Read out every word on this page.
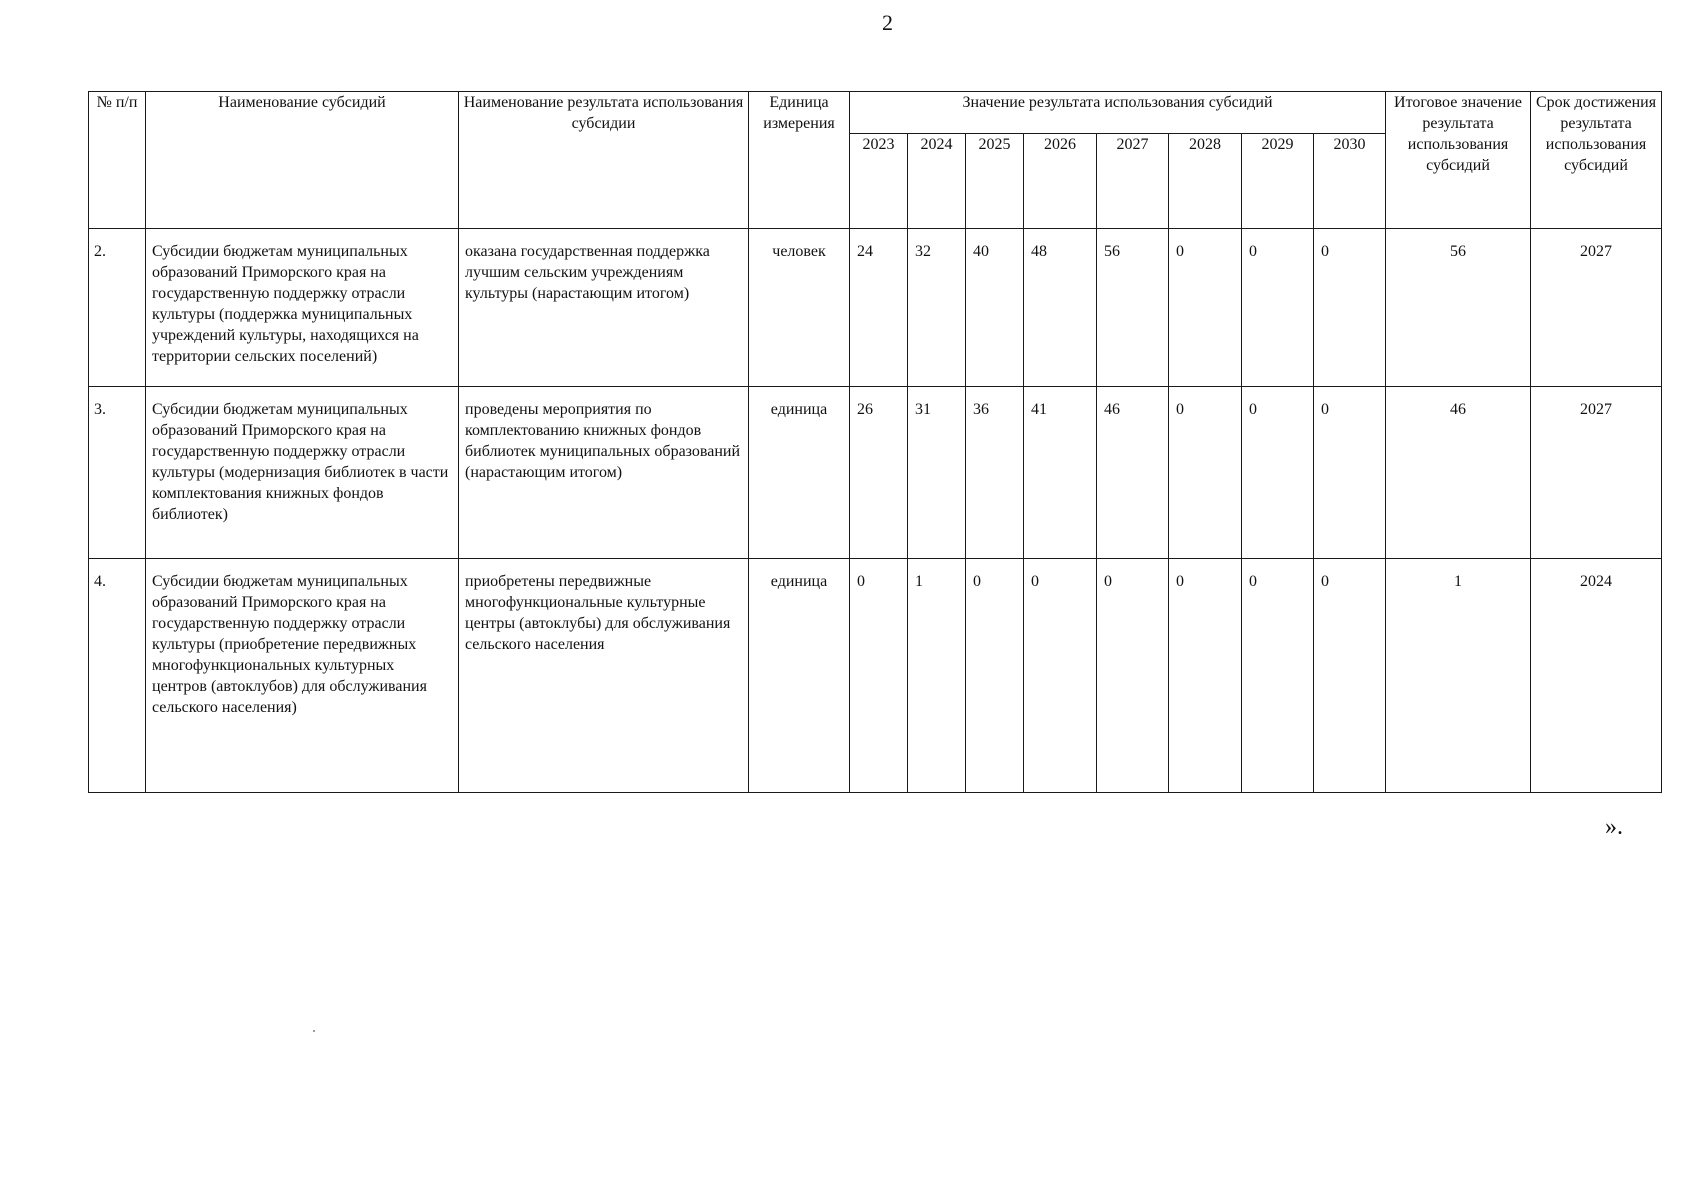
2
№ п/п	Наименование субсидий	Наименование результата использования субсидии	Единица измерения	Значение результата использования субсидий								Итоговое значение результата использования субсидий	Срок достижения результата использования субсидий
				2023	2024	2025	2026	2027	2028	2029	2030		
2.	Субсидии бюджетам муниципальных образований Приморского края на государственную поддержку отрасли культуры (поддержка муниципальных учреждений культуры, находящихся на территории сельских поселений)	оказана государственная поддержка лучшим сельским учреждениям культуры (нарастающим итогом)	человек	24	32	40	48	56	0	0	0	56	2027
3.	Субсидии бюджетам муниципальных образований Приморского края на государственную поддержку отрасли культуры (модернизация библиотек в части комплектования книжных фондов библиотек)	проведены мероприятия по комплектованию книжных фондов библиотек муниципальных образований (нарастающим итогом)	единица	26	31	36	41	46	0	0	0	46	2027
4.	Субсидии бюджетам муниципальных образований Приморского края на государственную поддержку отрасли культуры (приобретение передвижных многофункциональных культурных центров (автоклубов) для обслуживания сельского населения)	приобретены передвижные многофункциональные культурные центры (автоклубы) для обслуживания сельского населения	единица	0	1	0	0	0	0	0	0	1	2024
».
